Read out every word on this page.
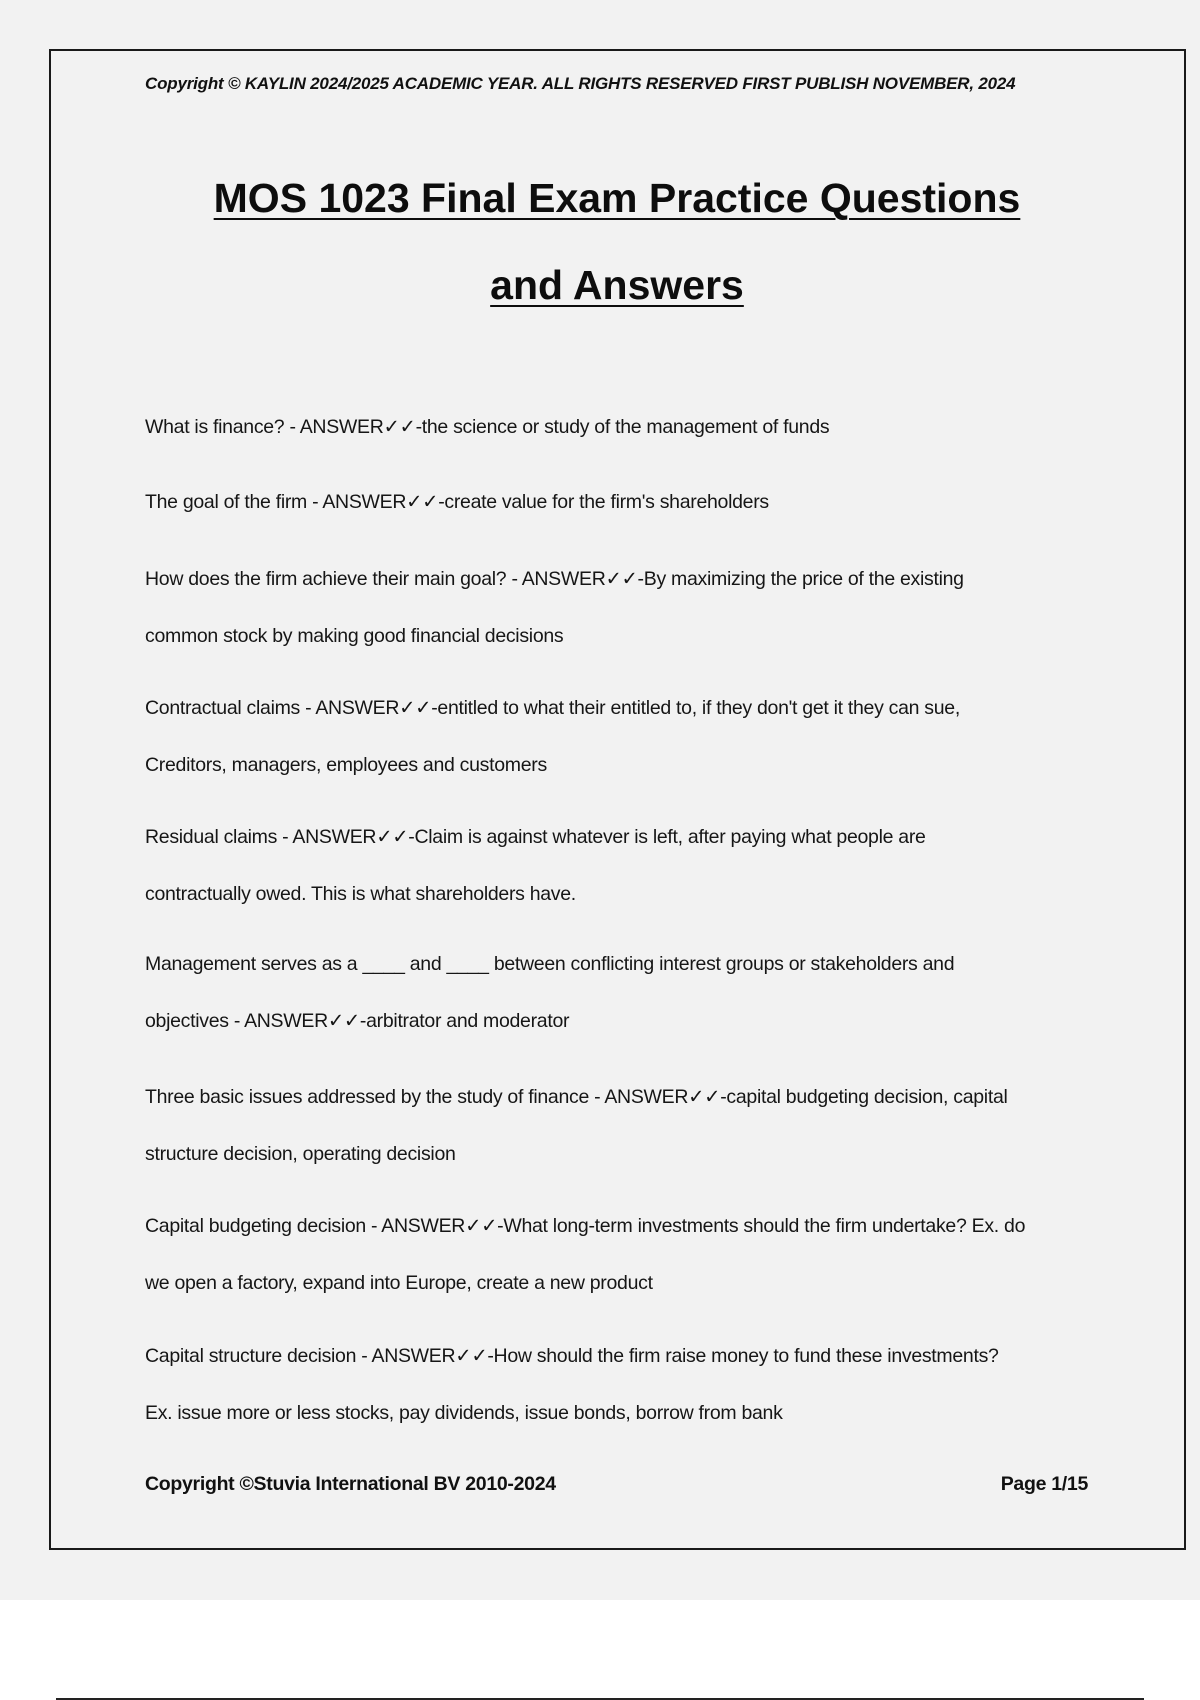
Copyright © KAYLIN 2024/2025 ACADEMIC YEAR. ALL RIGHTS RESERVED FIRST PUBLISH NOVEMBER, 2024
MOS 1023 Final Exam Practice Questions
and Answers

What is finance? - ANSWER✓✓-the science or study of the management of funds

The goal of the firm - ANSWER✓✓-create value for the firm's shareholders

How does the firm achieve their main goal? - ANSWER✓✓-By maximizing the price of the existing

common stock by making good financial decisions

Contractual claims - ANSWER✓✓-entitled to what their entitled to, if they don't get it they can sue,

Creditors, managers, employees and customers

Residual claims - ANSWER✓✓-Claim is against whatever is left, after paying what people are

contractually owed. This is what shareholders have.

Management serves as a ____ and ____ between conflicting interest groups or stakeholders and

objectives - ANSWER✓✓-arbitrator and moderator

Three basic issues addressed by the study of finance - ANSWER✓✓-capital budgeting decision, capital

structure decision, operating decision

Capital budgeting decision - ANSWER✓✓-What long-term investments should the firm undertake? Ex. do

we open a factory, expand into Europe, create a new product

Capital structure decision - ANSWER✓✓-How should the firm raise money to fund these investments?

Ex. issue more or less stocks, pay dividends, issue bonds, borrow from bank

Copyright ©Stuvia International BV 2010-2024	Page 1/15
